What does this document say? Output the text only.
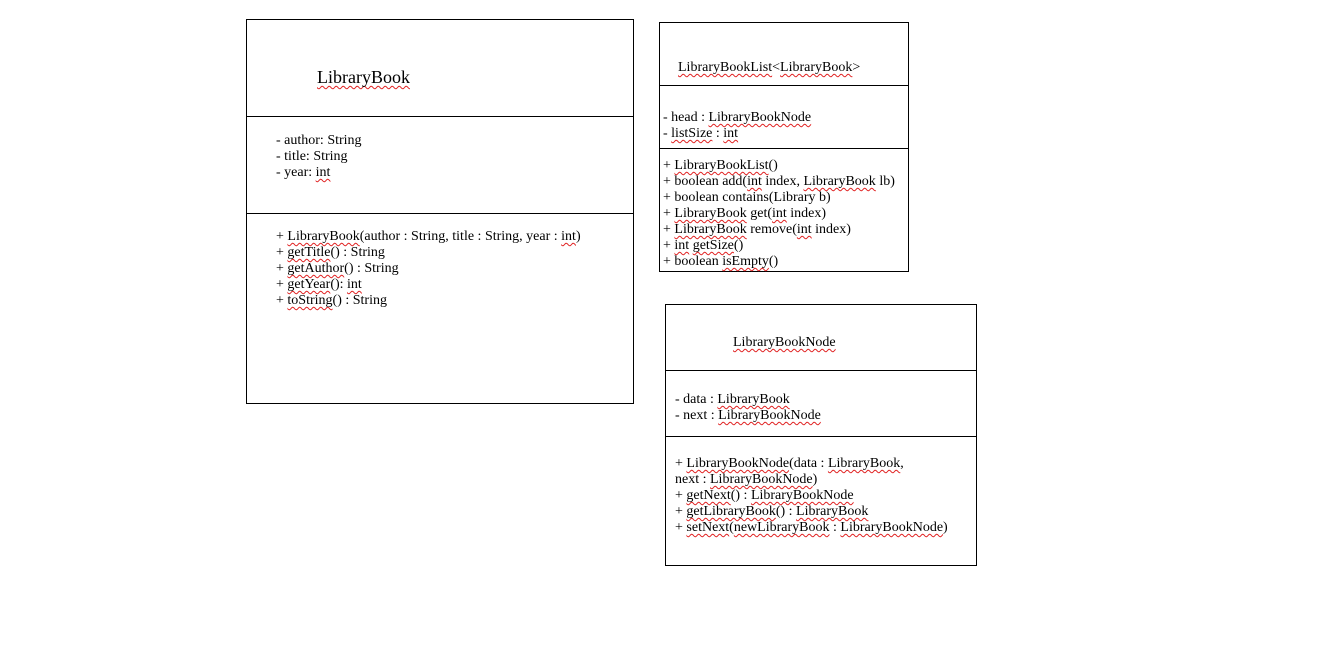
LibraryBook
- author: String
- title: String
- year: int
+ LibraryBook(author : String, title : String, year : int)
+ getTitle() : String
+ getAuthor() : String
+ getYear(): int
+ toString() : String
LibraryBookList<LibraryBook>
- head : LibraryBookNode
- listSize : int
+ LibraryBookList()
+ boolean add(int index, LibraryBook lb)
+ boolean contains(Library b)
+ LibraryBook get(int index)
+ LibraryBook remove(int index)
+ int getSize()
+ boolean isEmpty()
LibraryBookNode
- data : LibraryBook
- next : LibraryBookNode
+ LibraryBookNode(data : LibraryBook,
next : LibraryBookNode)
+ getNext() : LibraryBookNode
+ getLibraryBook() : LibraryBook
+ setNext(newLibraryBook : LibraryBookNode)
